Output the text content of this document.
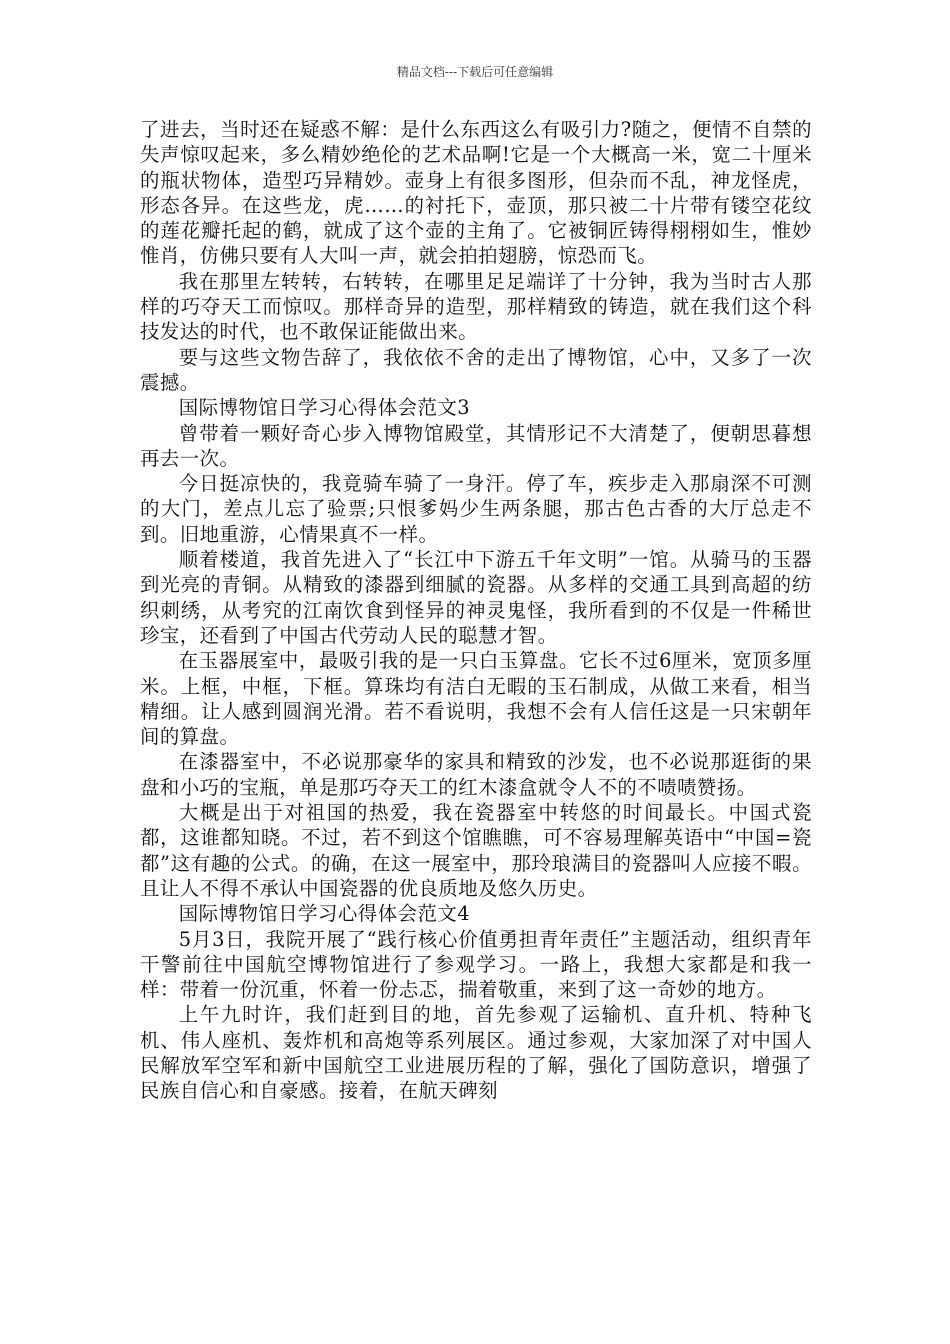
精品文档---下载后可任意编辑

了进去，当时还在疑惑不解：是什么东西这么有吸引力?随之，便情不自禁的失声惊叹起来，多么精妙绝伦的艺术品啊!它是一个大概高一米，宽二十厘米的瓶状物体，造型巧异精妙。壶身上有很多图形，但杂而不乱，神龙怪虎，形态各异。在这些龙，虎……的衬托下，壶顶，那只被二十片带有镂空花纹的莲花瓣托起的鹤，就成了这个壶的主角了。它被铜匠铸得栩栩如生，惟妙惟肖，仿佛只要有人大叫一声，就会拍拍翅膀，惊恐而飞。

我在那里左转转，右转转，在哪里足足端详了十分钟，我为当时古人那样的巧夺天工而惊叹。那样奇异的造型，那样精致的铸造，就在我们这个科技发达的时代，也不敢保证能做出来。

要与这些文物告辞了，我依依不舍的走出了博物馆，心中，又多了一次震撼。

国际博物馆日学习心得体会范文3

曾带着一颗好奇心步入博物馆殿堂，其情形记不大清楚了，便朝思暮想再去一次。

今日挺凉快的，我竟骑车骑了一身汗。停了车，疾步走入那扇深不可测的大门，差点儿忘了验票;只恨爹妈少生两条腿，那古色古香的大厅总走不到。旧地重游，心情果真不一样。

顺着楼道，我首先进入了“长江中下游五千年文明”一馆。从骑马的玉器到光亮的青铜。从精致的漆器到细腻的瓷器。从多样的交通工具到高超的纺织刺绣，从考究的江南饮食到怪异的神灵鬼怪，我所看到的不仅是一件稀世珍宝，还看到了中国古代劳动人民的聪慧才智。

在玉器展室中，最吸引我的是一只白玉算盘。它长不过6厘米，宽顶多厘米。上框，中框，下框。算珠均有洁白无暇的玉石制成，从做工来看，相当精细。让人感到圆润光滑。若不看说明，我想不会有人信任这是一只宋朝年间的算盘。

在漆器室中，不必说那豪华的家具和精致的沙发，也不必说那逛街的果盘和小巧的宝瓶，单是那巧夺天工的红木漆盒就令人不的不啧啧赞扬。

大概是出于对祖国的热爱，我在瓷器室中转悠的时间最长。中国式瓷都，这谁都知晓。不过，若不到这个馆瞧瞧，可不容易理解英语中“中国=瓷都”这有趣的公式。的确，在这一展室中，那玲琅满目的瓷器叫人应接不暇。且让人不得不承认中国瓷器的优良质地及悠久历史。

国际博物馆日学习心得体会范文4

5月3日，我院开展了“践行核心价值勇担青年责任”主题活动，组织青年干警前往中国航空博物馆进行了参观学习。一路上，我想大家都是和我一样：带着一份沉重，怀着一份忐忑，揣着敬重，来到了这一奇妙的地方。

上午九时许，我们赶到目的地，首先参观了运输机、直升机、特种飞机、伟人座机、轰炸机和高炮等系列展区。通过参观，大家加深了对中国人民解放军空军和新中国航空工业进展历程的了解，强化了国防意识，增强了民族自信心和自豪感。接着，在航天碑刻
